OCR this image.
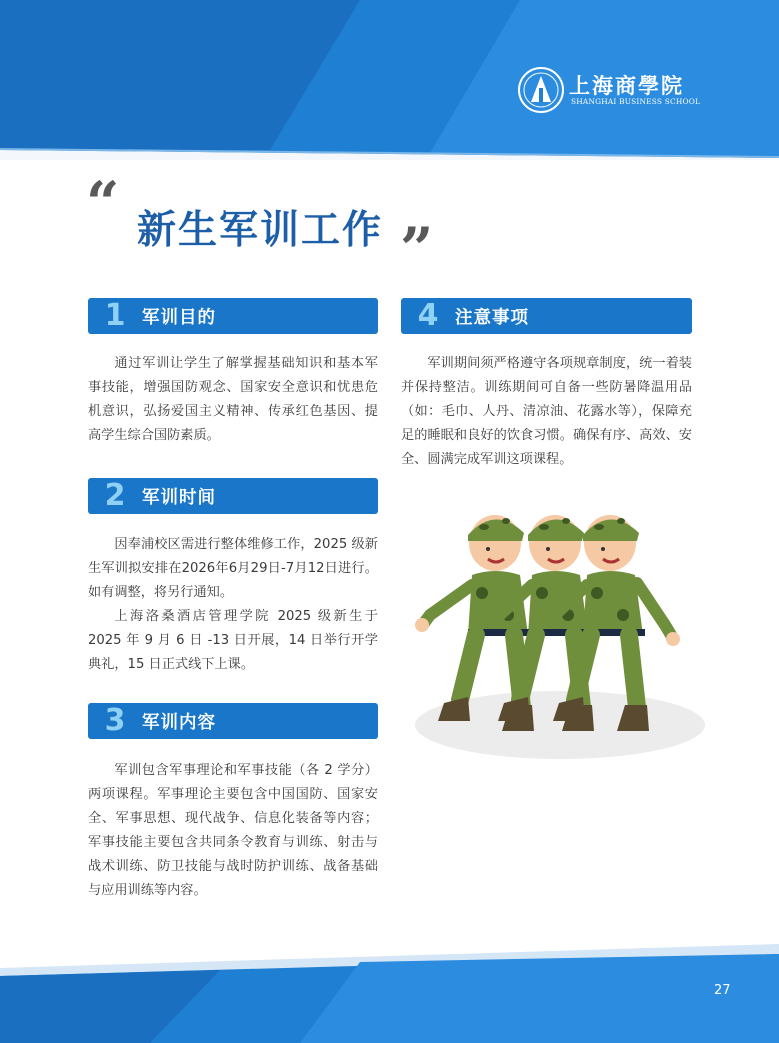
上海商學院
SHANGHAI BUSINESS SCHOOL
“ 新生军训工作 ”
1 军训目的

通过军训让学生了解掌握基础知识和基本军事技能，增强国防观念、国家安全意识和忧患危机意识，弘扬爱国主义精神、传承红色基因、提高学生综合国防素质。

2 军训时间

因奉浦校区需进行整体维修工作，2025 级新生军训拟安排在2026年6月29日-7月12日进行。如有调整，将另行通知。

上海洛桑酒店管理学院 2025 级新生于 2025 年 9 月 6 日 -13 日开展，14 日举行开学典礼，15 日正式线下上课。

3 军训内容

军训包含军事理论和军事技能（各 2 学分）两项课程。军事理论主要包含中国国防、国家安全、军事思想、现代战争、信息化装备等内容；军事技能主要包含共同条令教育与训练、射击与战术训练、防卫技能与战时防护训练、战备基础与应用训练等内容。

4 注意事项

军训期间须严格遵守各项规章制度，统一着装并保持整洁。训练期间可自备一些防暑降温用品（如：毛巾、人丹、清凉油、花露水等），保障充足的睡眠和良好的饮食习惯。确保有序、高效、安全、圆满完成军训这项课程。

27
